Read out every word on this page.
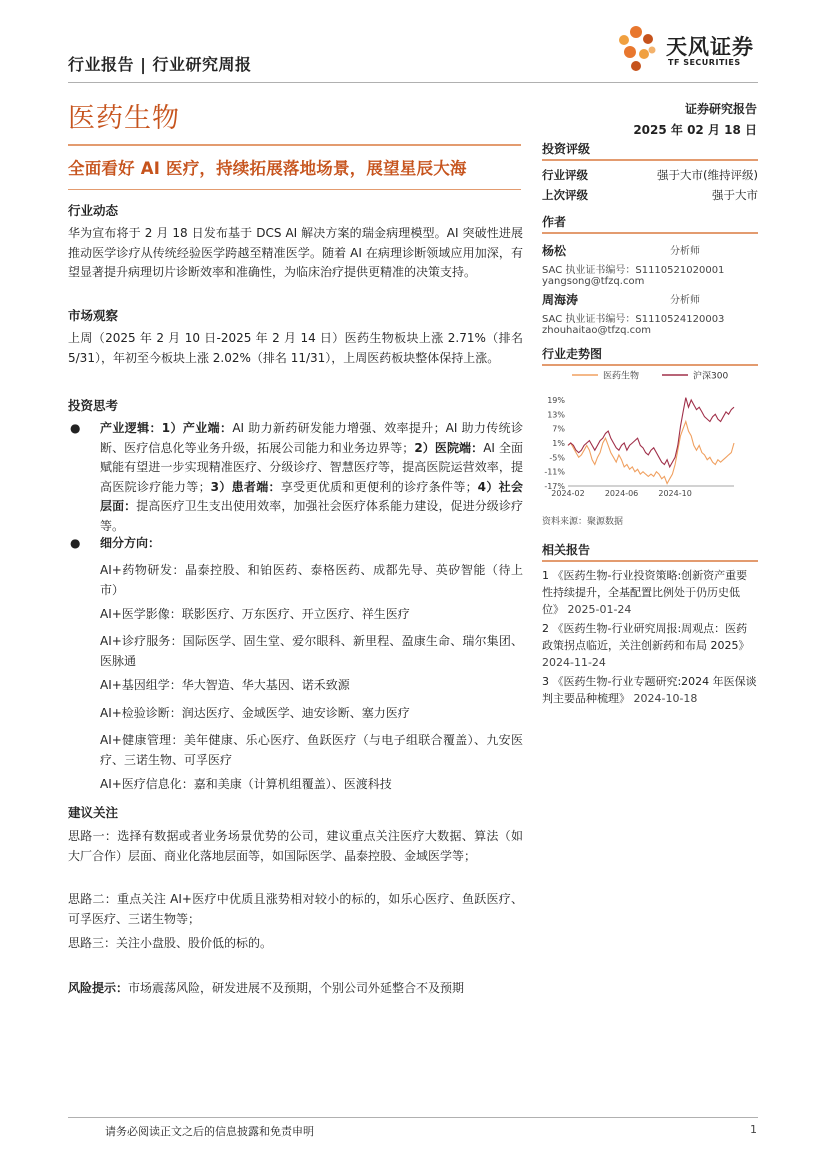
行业报告 | 行业研究周报
天风证券
TF SECURITIES
医药生物	证券研究报告
2025 年 02 月 18 日
全面看好 AI 医疗，持续拓展落地场景，展望星辰大海
行业动态
华为宣布将于 2 月 18 日发布基于 DCS AI 解决方案的瑞金病理模型。AI 突破性进展推动医学诊疗从传统经验医学跨越至精准医学。随着 AI 在病理诊断领域应用加深，有望显著提升病理切片诊断效率和准确性，为临床治疗提供更精准的决策支持。
市场观察
上周（2025 年 2 月 10 日-2025 年 2 月 14 日）医药生物板块上涨 2.71%（排名 5/31），年初至今板块上涨 2.02%（排名 11/31），上周医药板块整体保持上涨。
投资思考
● 产业逻辑：1）产业端：AI 助力新药研发能力增强、效率提升；AI 助力传统诊断、医疗信息化等业务升级，拓展公司能力和业务边界等；2）医院端：AI 全面赋能有望进一步实现精准医疗、分级诊疗、智慧医疗等，提高医院运营效率，提高医院诊疗能力等；3）患者端：享受更优质和更便利的诊疗条件等；4）社会层面：提高医疗卫生支出使用效率，加强社会医疗体系能力建设，促进分级诊疗等。
● 细分方向：
AI+药物研发：晶泰控股、和铂医药、泰格医药、成都先导、英矽智能（待上市）
AI+医学影像：联影医疗、万东医疗、开立医疗、祥生医疗
AI+诊疗服务：国际医学、固生堂、爱尔眼科、新里程、盈康生命、瑞尔集团、医脉通
AI+基因组学：华大智造、华大基因、诺禾致源
AI+检验诊断：润达医疗、金域医学、迪安诊断、塞力医疗
AI+健康管理：美年健康、乐心医疗、鱼跃医疗（与电子组联合覆盖）、九安医疗、三诺生物、可孚医疗
AI+医疗信息化：嘉和美康（计算机组覆盖）、医渡科技
建议关注
思路一：选择有数据或者业务场景优势的公司，建议重点关注医疗大数据、算法（如大厂合作）层面、商业化落地层面等，如国际医学、晶泰控股、金域医学等；
思路二：重点关注 AI+医疗中优质且涨势相对较小的标的，如乐心医疗、鱼跃医疗、可孚医疗、三诺生物等；
思路三：关注小盘股、股价低的标的。
风险提示：市场震荡风险，研发进展不及预期，个别公司外延整合不及预期
投资评级
行业评级	强于大市(维持评级)
上次评级	强于大市
作者
杨松	分析师
SAC 执业证书编号：S1110521020001
yangsong@tfzq.com
周海涛	分析师
SAC 执业证书编号：S1110524120003
zhouhaitao@tfzq.com
行业走势图
医药生物	沪深300
19%
13%
7%
1%
-5%
-11%
-17%
2024-02	2024-06	2024-10
资料来源：聚源数据
相关报告
1 《医药生物-行业投资策略:创新资产重要性持续提升，全基配置比例处于仍历史低位》 2025-01-24
2 《医药生物-行业研究周报:周观点：医药政策拐点临近，关注创新药和布局 2025》 2024-11-24
3 《医药生物-行业专题研究:2024 年医保谈判主要品种梳理》 2024-10-18
请务必阅读正文之后的信息披露和免责申明	1
